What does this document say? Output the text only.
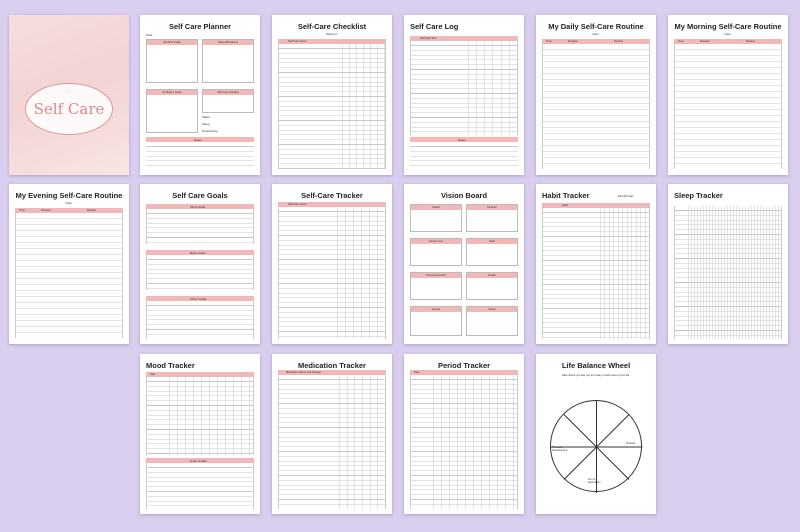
Self Care
Self Care Planner
Date:
My Mind Goals	Daily Affirmations
My Body's Goals	Self Care Activities
Water:
Sleep:
Productivity:
Notes
Self-Care Checklist
Week of:
Self Care Action
Self Care Log
Self Care Tool
Notes
My Daily Self-Care Routine
Date:
Time	Duration	Routine
My Morning Self-Care Routine
Date:
Time	Duration	Routine
My Evening Self-Care Routine
Date:
Time	Duration	Routine
Self Care Goals
Mind Goals
Body Goals
Other Goals
Self-Care Tracker
Self Care Action
Vision Board
Career	Finance
Family Love	Spirit
Personal Growth	Health
Leisure	Home
Habit Tracker	Month/Year:
Habit
Sleep Tracker
Mood Tracker
Date
Color Codes
Medication Tracker
Medication Name and Dosage
Period Tracker
Date
Life Balance Wheel
Rate where you feel you are today in each area of your life.
Personal Development
Finance
Fun & Recreation
